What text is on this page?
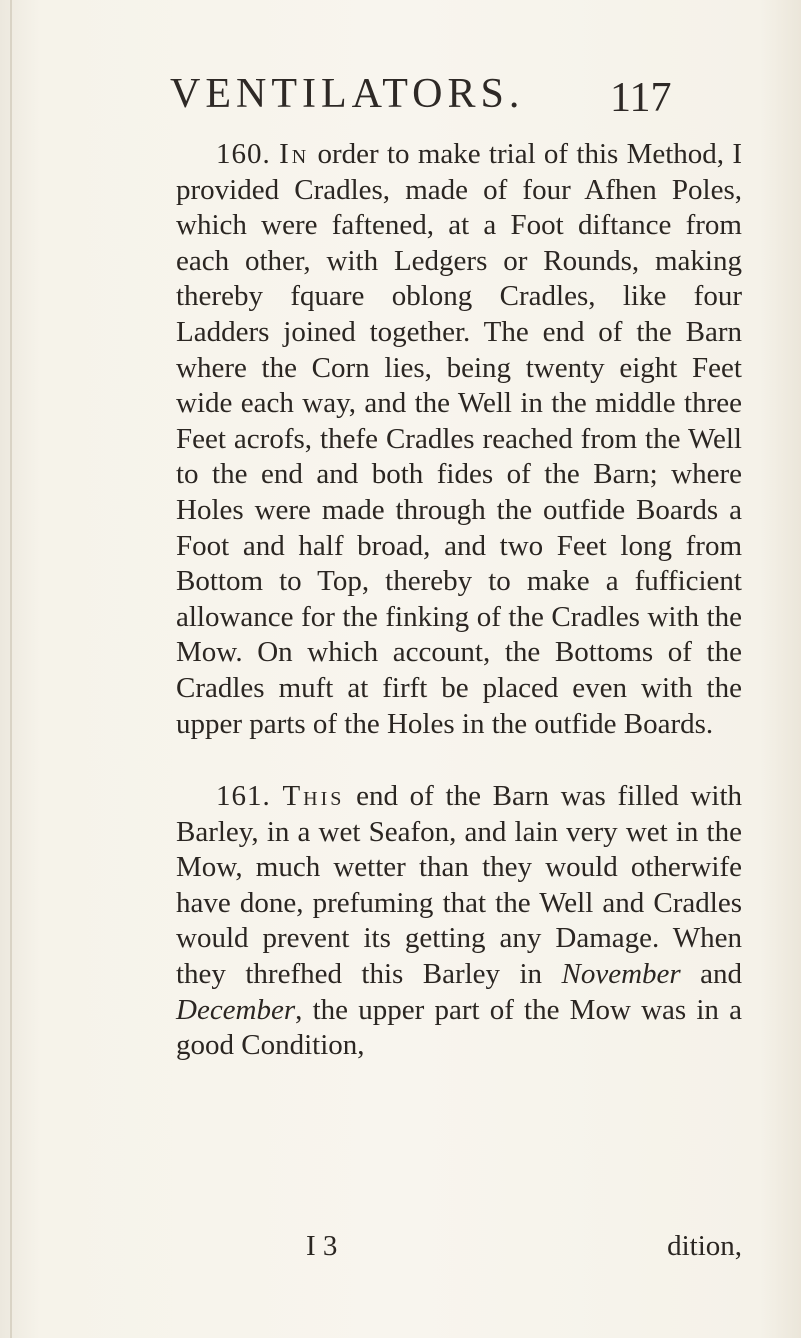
VENTILATORS. 117

160. In order to make trial of this Method, I provided Cradles, made of four Afhen Poles, which were faftened, at a Foot diftance from each other, with Ledgers or Rounds, making thereby fquare oblong Cradles, like four Ladders joined together. The end of the Barn where the Corn lies, being twenty eight Feet wide each way, and the Well in the middle three Feet acrofs, thefe Cradles reached from the Well to the end and both fides of the Barn; where Holes were made through the outfide Boards a Foot and half broad, and two Feet long from Bottom to Top, thereby to make a fufficient allowance for the finking of the Cradles with the Mow. On which account, the Bottoms of the Cradles muft at firft be placed even with the upper parts of the Holes in the outfide Boards.

161. This end of the Barn was filled with Barley, in a wet Seafon, and lain very wet in the Mow, much wetter than they would otherwife have done, prefuming that the Well and Cradles would prevent its getting any Damage. When they threfhed this Barley in November and December, the upper part of the Mow was in a good Condition,

I 3	dition,
